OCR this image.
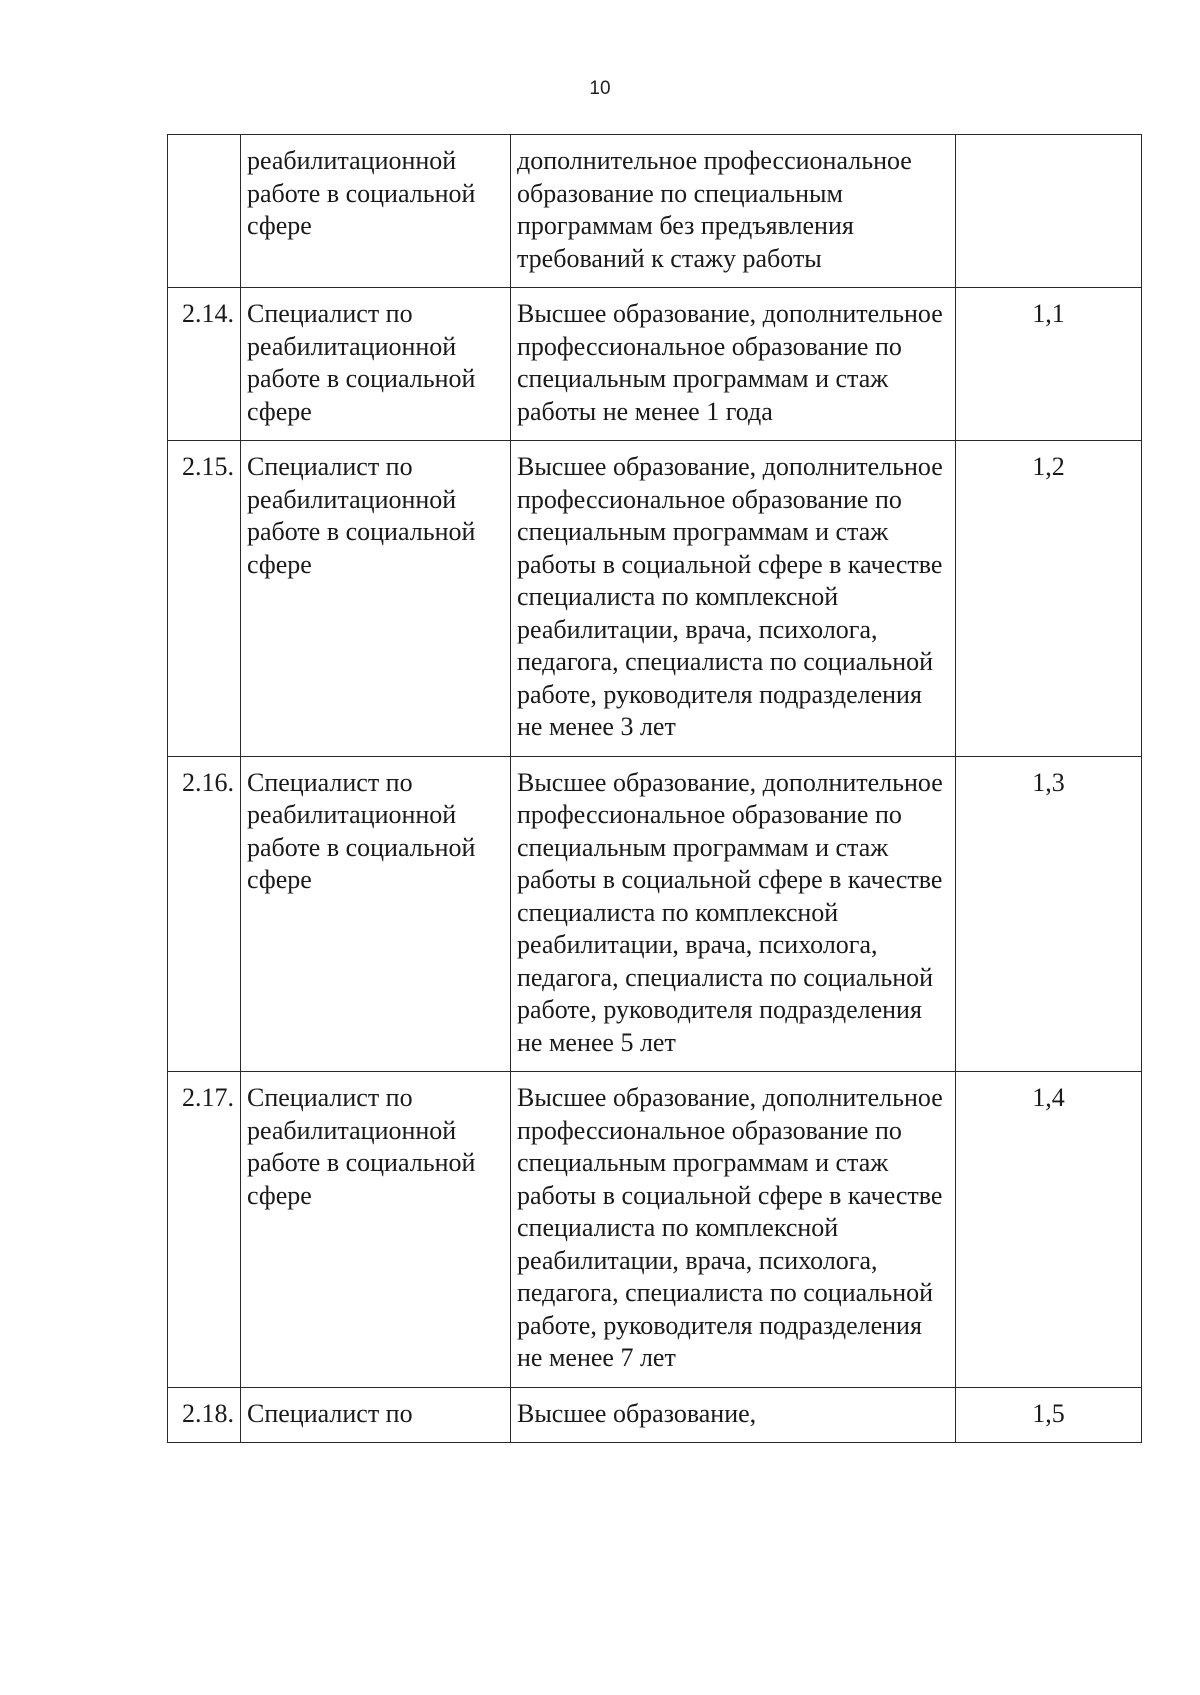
10
	реабилитационной работе в социальной сфере	дополнительное профессиональное образование по специальным программам без предъявления требований к стажу работы	
2.14.	Специалист по реабилитационной работе в социальной сфере	Высшее образование, дополнительное профессиональное образование по специальным программам и стаж работы не менее 1 года	1,1
2.15.	Специалист по реабилитационной работе в социальной сфере	Высшее образование, дополнительное профессиональное образование по специальным программам и стаж работы в социальной сфере в качестве специалиста по комплексной реабилитации, врача, психолога, педагога, специалиста по социальной работе, руководителя подразделения не менее 3 лет	1,2
2.16.	Специалист по реабилитационной работе в социальной сфере	Высшее образование, дополнительное профессиональное образование по специальным программам и стаж работы в социальной сфере в качестве специалиста по комплексной реабилитации, врача, психолога, педагога, специалиста по социальной работе, руководителя подразделения не менее 5 лет	1,3
2.17.	Специалист по реабилитационной работе в социальной сфере	Высшее образование, дополнительное профессиональное образование по специальным программам и стаж работы в социальной сфере в качестве специалиста по комплексной реабилитации, врача, психолога, педагога, специалиста по социальной работе, руководителя подразделения не менее 7 лет	1,4
2.18.	Специалист по	Высшее образование,	1,5
